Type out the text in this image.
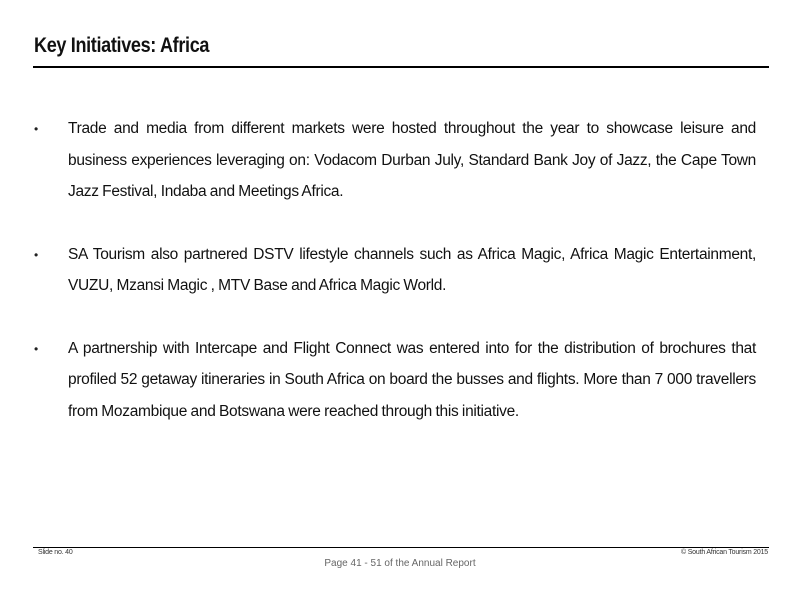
Key Initiatives: Africa
• Trade and media from different markets were hosted throughout the year to showcase leisure and business experiences leveraging on: Vodacom Durban July, Standard Bank Joy of Jazz, the Cape Town Jazz Festival, Indaba and Meetings Africa.
• SA Tourism also partnered DSTV lifestyle channels such as Africa Magic, Africa Magic Entertainment, VUZU, Mzansi Magic , MTV Base and Africa Magic World.
• A partnership with Intercape and Flight Connect was entered into for the distribution of brochures that profiled 52 getaway itineraries in South Africa on board the busses and flights. More than 7 000 travellers from Mozambique and Botswana were reached through this initiative.
Slide no. 40
Page 41 - 51 of the Annual Report
© South African Tourism 2015
